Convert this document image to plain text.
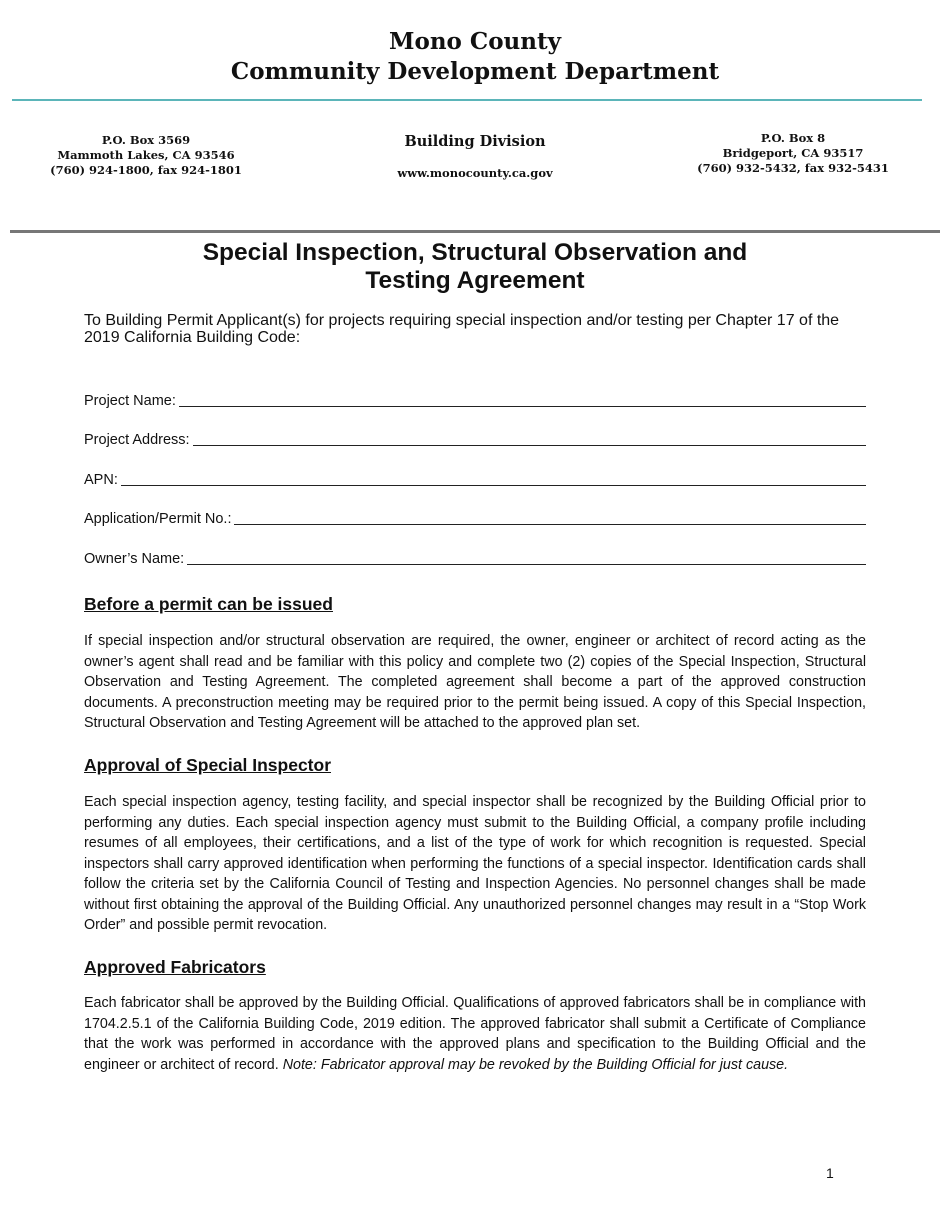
Mono County
Community Development Department
P.O. Box 3569
Mammoth Lakes, CA 93546
(760) 924-1800, fax 924-1801
Building Division
www.monocounty.ca.gov
P.O. Box 8
Bridgeport, CA 93517
(760) 932-5432, fax 932-5431
Special Inspection, Structural Observation and
Testing Agreement
To Building Permit Applicant(s) for projects requiring special inspection and/or testing per Chapter 17 of the 2019 California Building Code:
Project Name:
Project Address:
APN:
Application/Permit No.:
Owner’s Name:
Before a permit can be issued
If special inspection and/or structural observation are required, the owner, engineer or architect of record acting as the owner’s agent shall read and be familiar with this policy and complete two (2) copies of the Special Inspection, Structural Observation and Testing Agreement. The completed agreement shall become a part of the approved construction documents. A preconstruction meeting may be required prior to the permit being issued. A copy of this Special Inspection, Structural Observation and Testing Agreement will be attached to the approved plan set.
Approval of Special Inspector
Each special inspection agency, testing facility, and special inspector shall be recognized by the Building Official prior to performing any duties. Each special inspection agency must submit to the Building Official, a company profile including resumes of all employees, their certifications, and a list of the type of work for which recognition is requested. Special inspectors shall carry approved identification when performing the functions of a special inspector. Identification cards shall follow the criteria set by the California Council of Testing and Inspection Agencies. No personnel changes shall be made without first obtaining the approval of the Building Official. Any unauthorized personnel changes may result in a “Stop Work Order” and possible permit revocation.
Approved Fabricators
Each fabricator shall be approved by the Building Official. Qualifications of approved fabricators shall be in compliance with 1704.2.5.1 of the California Building Code, 2019 edition. The approved fabricator shall submit a Certificate of Compliance that the work was performed in accordance with the approved plans and specification to the Building Official and the engineer or architect of record. Note: Fabricator approval may be revoked by the Building Official for just cause.
1
